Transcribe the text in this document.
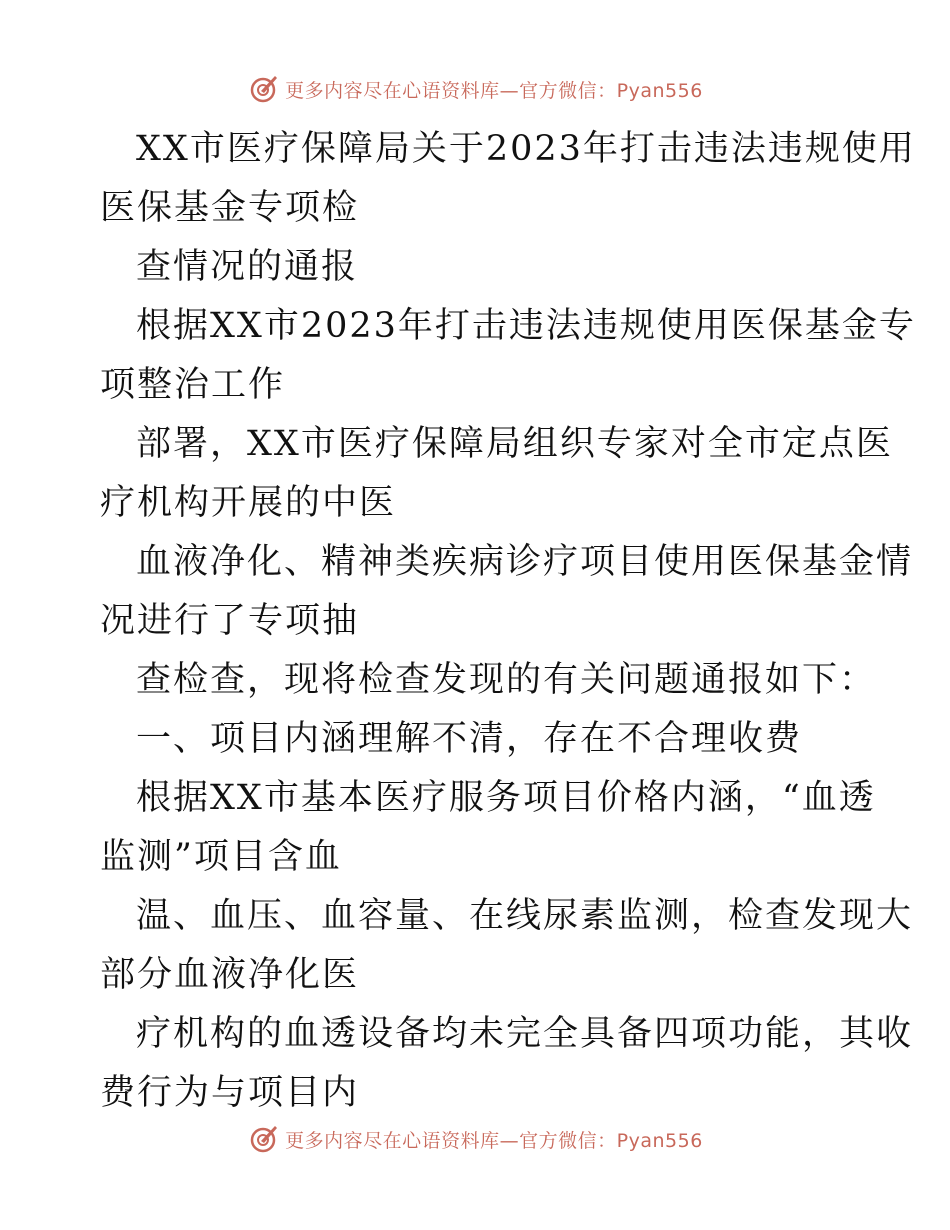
更多内容尽在心语资料库—官方微信：Pyan556
XX市医疗保障局关于2023年打击违法违规使用
医保基金专项检
查情况的通报
根据XX市2023年打击违法违规使用医保基金专
项整治工作
部署，XX市医疗保障局组织专家对全市定点医
疗机构开展的中医
血液净化、精神类疾病诊疗项目使用医保基金情
况进行了专项抽
查检查，现将检查发现的有关问题通报如下：
一、项目内涵理解不清，存在不合理收费
根据XX市基本医疗服务项目价格内涵，“血透
监测”项目含血
温、血压、血容量、在线尿素监测，检查发现大
部分血液净化医
疗机构的血透设备均未完全具备四项功能，其收
费行为与项目内
更多内容尽在心语资料库—官方微信：Pyan556
